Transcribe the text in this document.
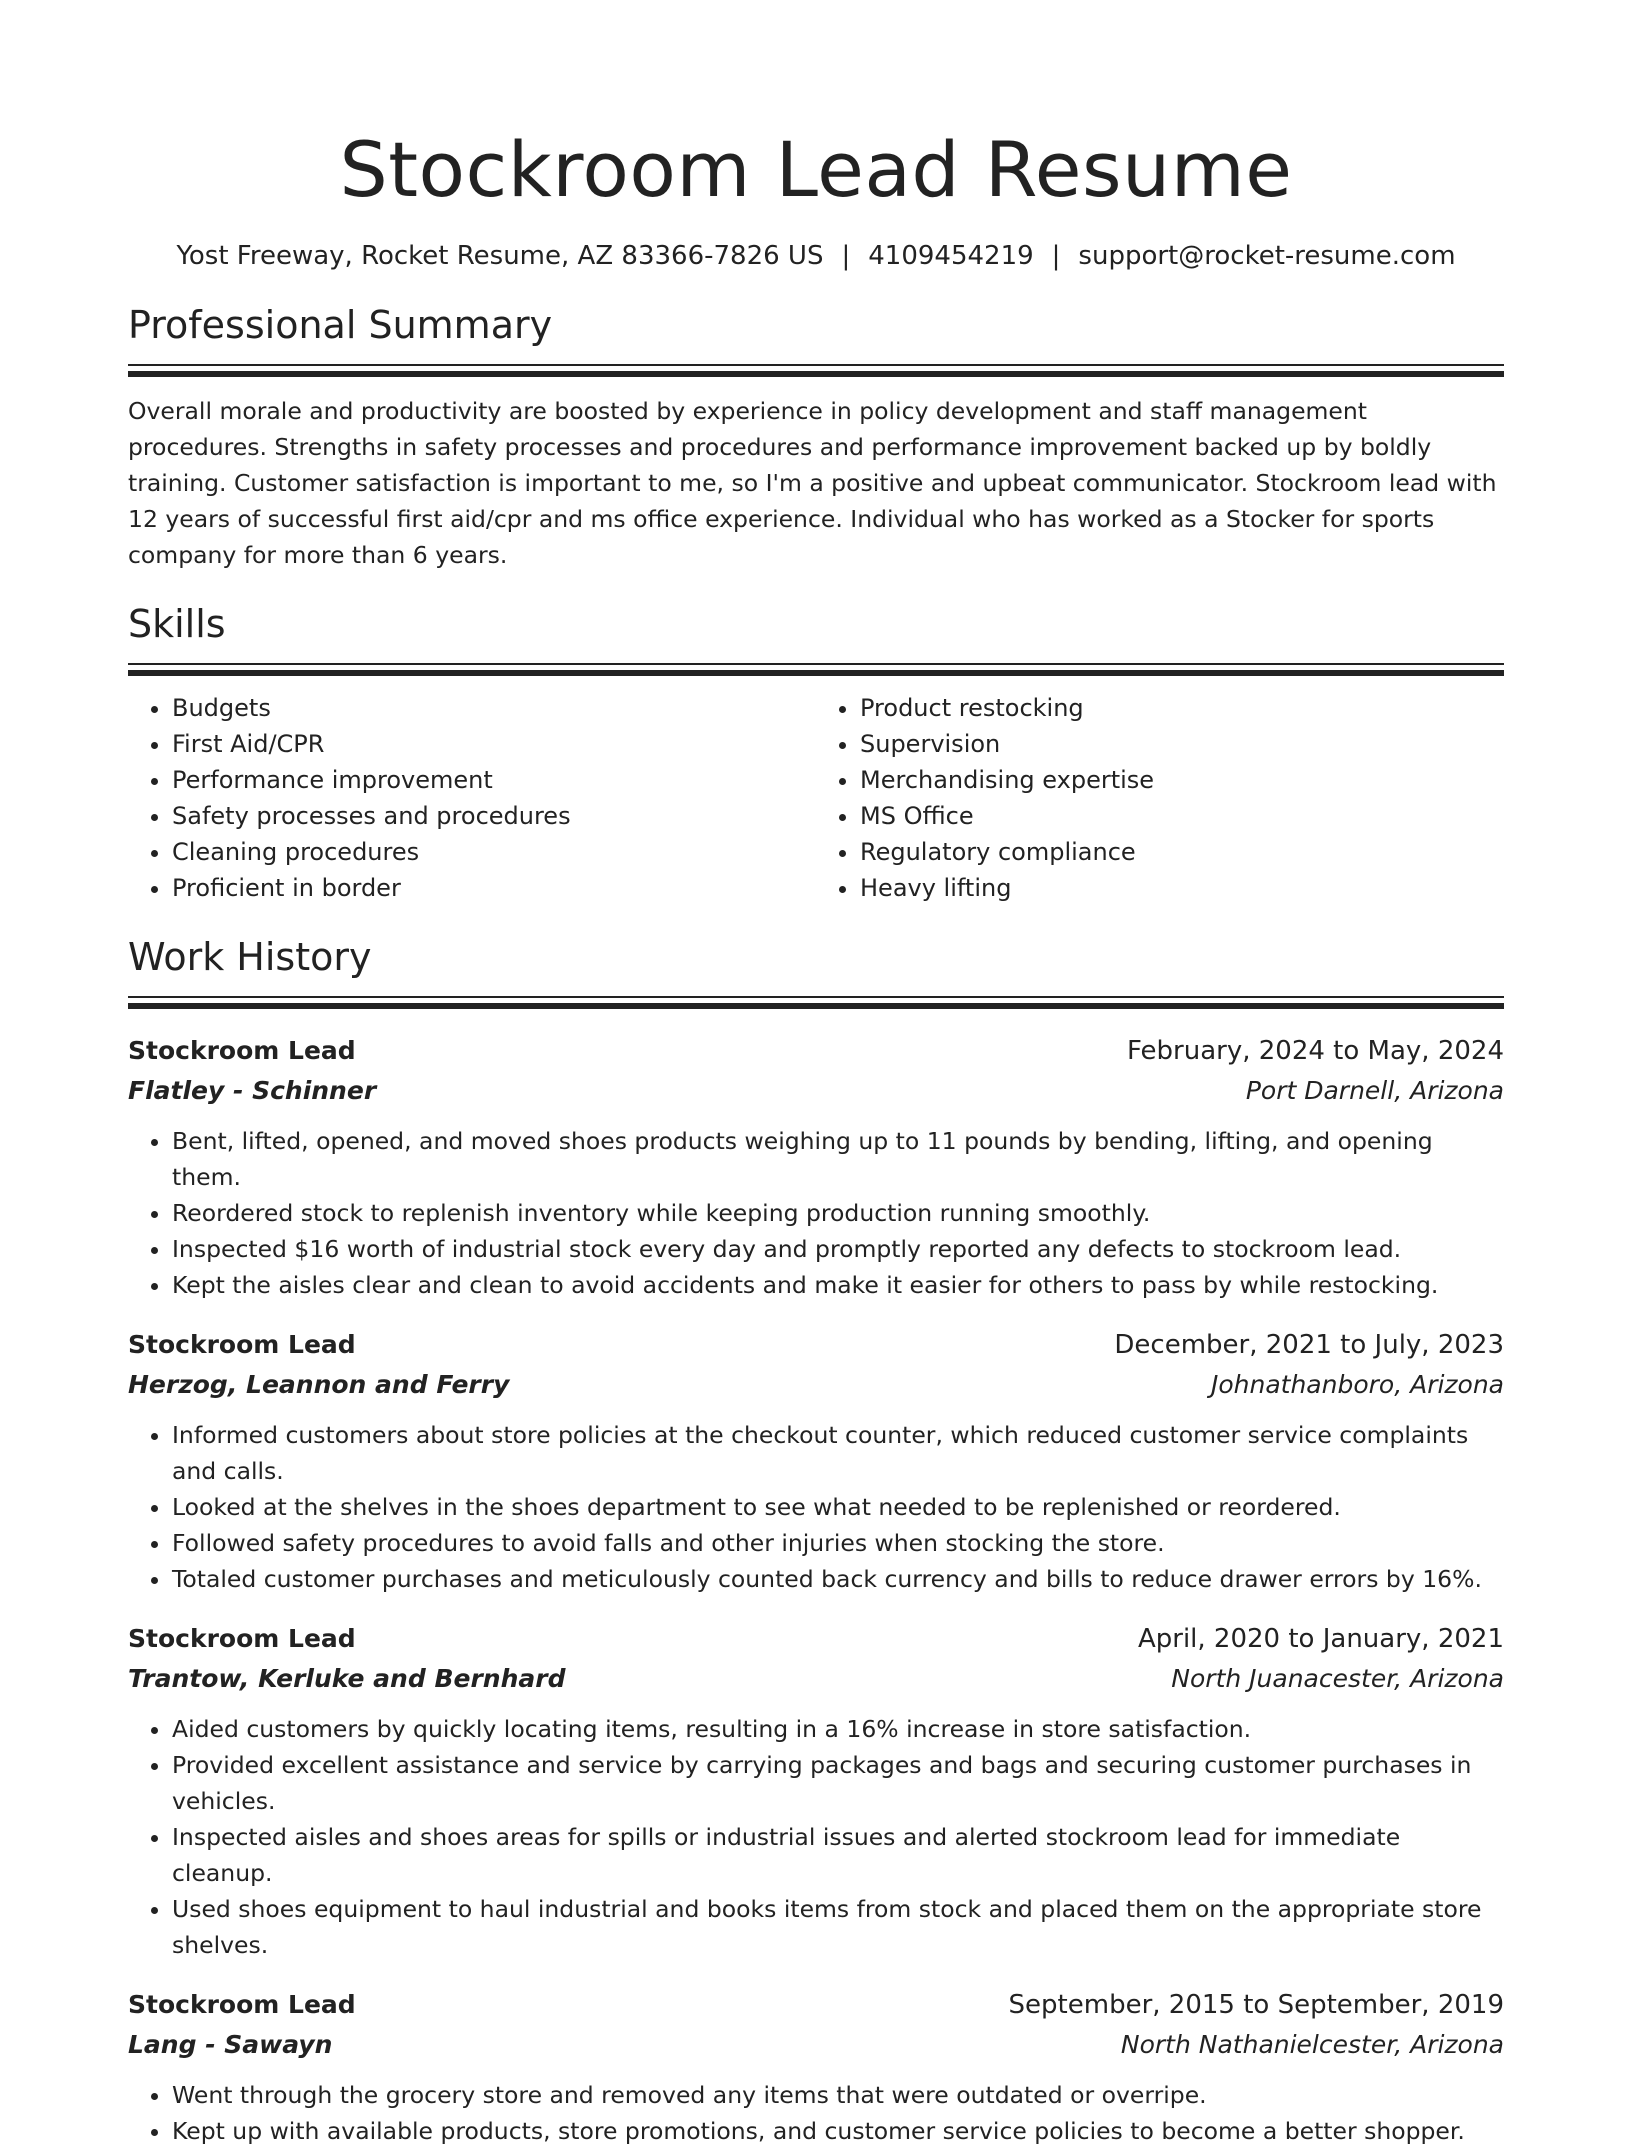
Stockroom Lead Resume
Yost Freeway, Rocket Resume, AZ 83366-7826 US | 4109454219 | support@rocket-resume.com
Professional Summary

Overall morale and productivity are boosted by experience in policy development and staff management procedures. Strengths in safety processes and procedures and performance improvement backed up by boldly training. Customer satisfaction is important to me, so I'm a positive and upbeat communicator. Stockroom lead with 12 years of successful first aid/cpr and ms office experience. Individual who has worked as a Stocker for sports company for more than 6 years.

Skills
• Budgets
• First Aid/CPR
• Performance improvement
• Safety processes and procedures
• Cleaning procedures
• Proficient in border
• Product restocking
• Supervision
• Merchandising expertise
• MS Office
• Regulatory compliance
• Heavy lifting
Work History
Stockroom Lead	February, 2024 to May, 2024
Flatley - Schinner	Port Darnell, Arizona
• Bent, lifted, opened, and moved shoes products weighing up to 11 pounds by bending, lifting, and opening them.
• Reordered stock to replenish inventory while keeping production running smoothly.
• Inspected $16 worth of industrial stock every day and promptly reported any defects to stockroom lead.
• Kept the aisles clear and clean to avoid accidents and make it easier for others to pass by while restocking.
Stockroom Lead	December, 2021 to July, 2023
Herzog, Leannon and Ferry	Johnathanboro, Arizona
• Informed customers about store policies at the checkout counter, which reduced customer service complaints and calls.
• Looked at the shelves in the shoes department to see what needed to be replenished or reordered.
• Followed safety procedures to avoid falls and other injuries when stocking the store.
• Totaled customer purchases and meticulously counted back currency and bills to reduce drawer errors by 16%.
Stockroom Lead	April, 2020 to January, 2021
Trantow, Kerluke and Bernhard	North Juanacester, Arizona
• Aided customers by quickly locating items, resulting in a 16% increase in store satisfaction.
• Provided excellent assistance and service by carrying packages and bags and securing customer purchases in vehicles.
• Inspected aisles and shoes areas for spills or industrial issues and alerted stockroom lead for immediate cleanup.
• Used shoes equipment to haul industrial and books items from stock and placed them on the appropriate store shelves.
Stockroom Lead	September, 2015 to September, 2019
Lang - Sawayn	North Nathanielcester, Arizona
• Went through the grocery store and removed any items that were outdated or overripe.
• Kept up with available products, store promotions, and customer service policies to become a better shopper.
